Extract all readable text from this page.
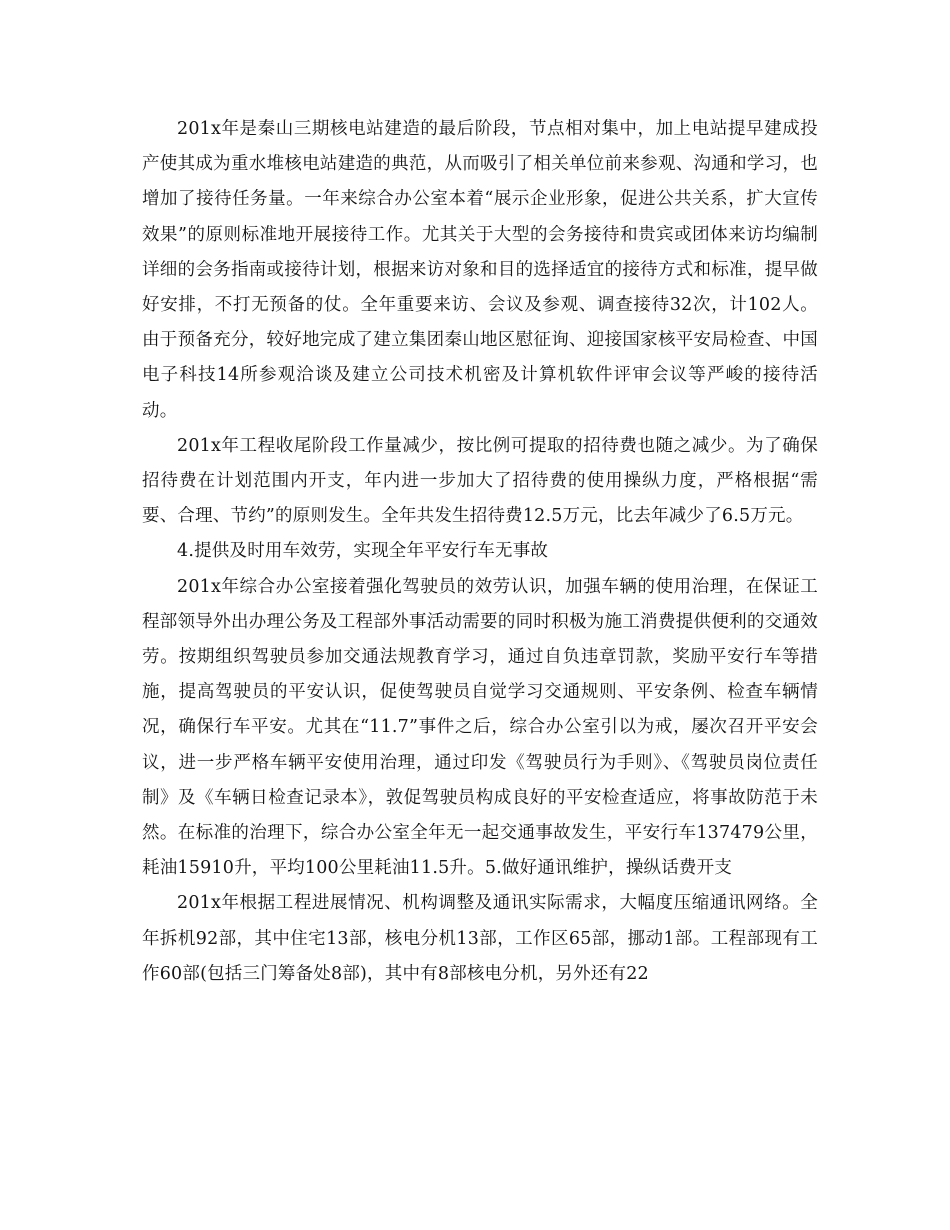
201x年是秦山三期核电站建造的最后阶段，节点相对集中，加上电站提早建成投产使其成为重水堆核电站建造的典范，从而吸引了相关单位前来参观、沟通和学习，也增加了接待任务量。一年来综合办公室本着“展示企业形象，促进公共关系，扩大宣传效果”的原则标准地开展接待工作。尤其关于大型的会务接待和贵宾或团体来访均编制详细的会务指南或接待计划，根据来访对象和目的选择适宜的接待方式和标准，提早做好安排，不打无预备的仗。全年重要来访、会议及参观、调查接待32次，计102人。由于预备充分，较好地完成了建立集团秦山地区慰征询、迎接国家核平安局检查、中国电子科技14所参观洽谈及建立公司技术机密及计算机软件评审会议等严峻的接待活动。

201x年工程收尾阶段工作量减少，按比例可提取的招待费也随之减少。为了确保招待费在计划范围内开支，年内进一步加大了招待费的使用操纵力度，严格根据“需要、合理、节约”的原则发生。全年共发生招待费12.5万元，比去年减少了6.5万元。

4.提供及时用车效劳，实现全年平安行车无事故

201x年综合办公室接着强化驾驶员的效劳认识，加强车辆的使用治理，在保证工程部领导外出办理公务及工程部外事活动需要的同时积极为施工消费提供便利的交通效劳。按期组织驾驶员参加交通法规教育学习，通过自负违章罚款，奖励平安行车等措施，提高驾驶员的平安认识，促使驾驶员自觉学习交通规则、平安条例、检查车辆情况，确保行车平安。尤其在“11.7”事件之后，综合办公室引以为戒，屡次召开平安会议，进一步严格车辆平安使用治理，通过印发《驾驶员行为手则》、《驾驶员岗位责任制》及《车辆日检查记录本》，敦促驾驶员构成良好的平安检查适应，将事故防范于未然。在标准的治理下，综合办公室全年无一起交通事故发生，平安行车137479公里，耗油15910升，平均100公里耗油11.5升。5.做好通讯维护，操纵话费开支

201x年根据工程进展情况、机构调整及通讯实际需求，大幅度压缩通讯网络。全年拆机92部，其中住宅13部，核电分机13部，工作区65部，挪动1部。工程部现有工作60部(包括三门筹备处8部)，其中有8部核电分机，另外还有22
